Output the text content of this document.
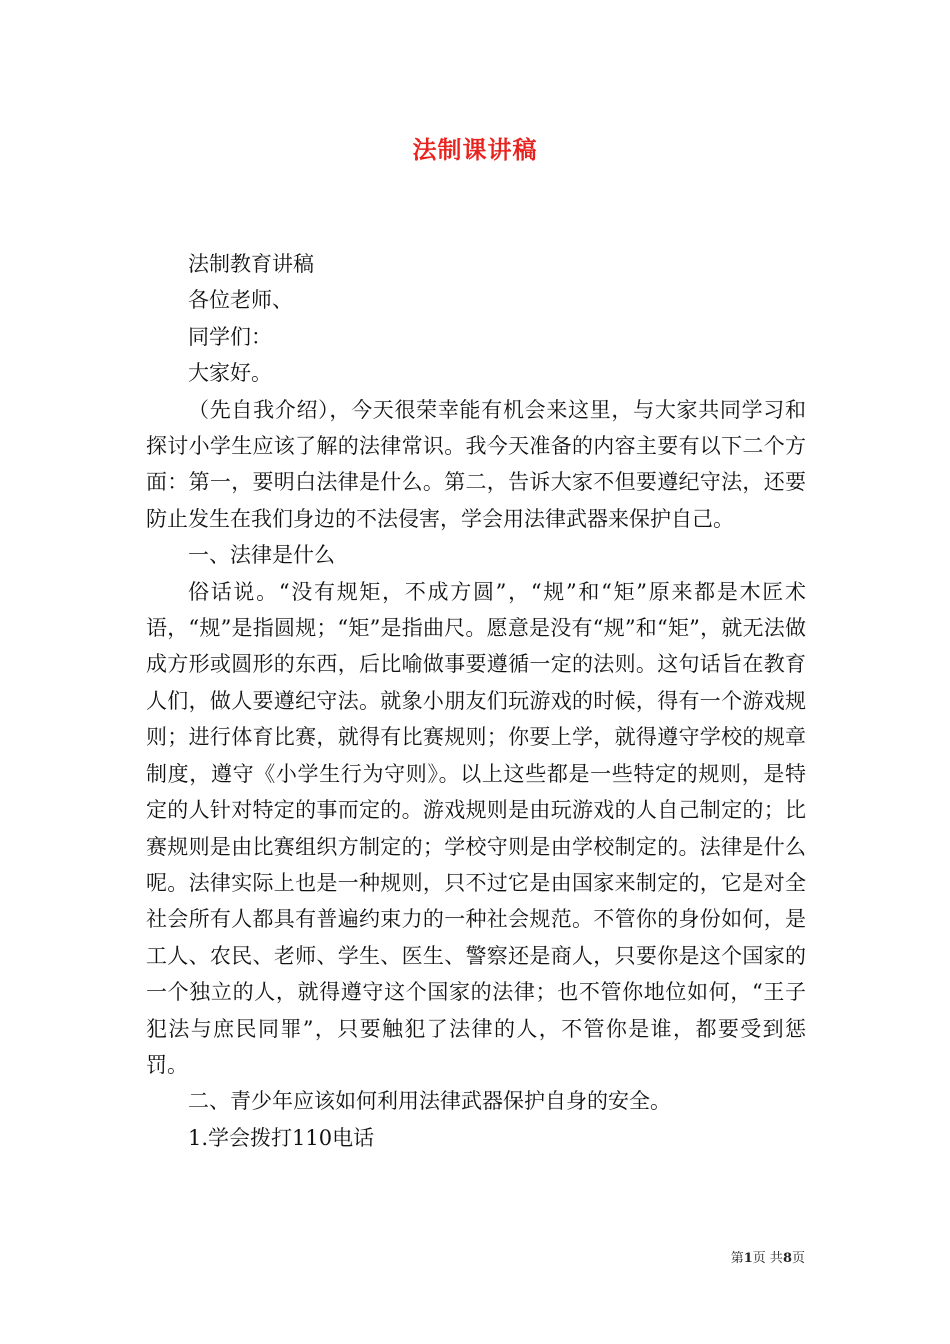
法制课讲稿

法制教育讲稿

各位老师、

同学们：

大家好。

（先自我介绍），今天很荣幸能有机会来这里，与大家共同学习和探讨小学生应该了解的法律常识。我今天准备的内容主要有以下二个方面：第一，要明白法律是什么。第二，告诉大家不但要遵纪守法，还要防止发生在我们身边的不法侵害，学会用法律武器来保护自己。

一、法律是什么

俗话说。“没有规矩，不成方圆”，“规”和“矩”原来都是木匠术语，“规”是指圆规；“矩”是指曲尺。愿意是没有“规”和“矩”，就无法做成方形或圆形的东西，后比喻做事要遵循一定的法则。这句话旨在教育人们，做人要遵纪守法。就象小朋友们玩游戏的时候，得有一个游戏规则；进行体育比赛，就得有比赛规则；你要上学，就得遵守学校的规章制度，遵守《小学生行为守则》。以上这些都是一些特定的规则，是特定的人针对特定的事而定的。游戏规则是由玩游戏的人自己制定的；比赛规则是由比赛组织方制定的；学校守则是由学校制定的。法律是什么呢。法律实际上也是一种规则，只不过它是由国家来制定的，它是对全社会所有人都具有普遍约束力的一种社会规范。不管你的身份如何，是工人、农民、老师、学生、医生、警察还是商人，只要你是这个国家的一个独立的人，就得遵守这个国家的法律；也不管你地位如何，“王子犯法与庶民同罪”，只要触犯了法律的人，不管你是谁，都要受到惩罚。

二、青少年应该如何利用法律武器保护自身的安全。

1.学会拨打110电话

第1页 共8页
